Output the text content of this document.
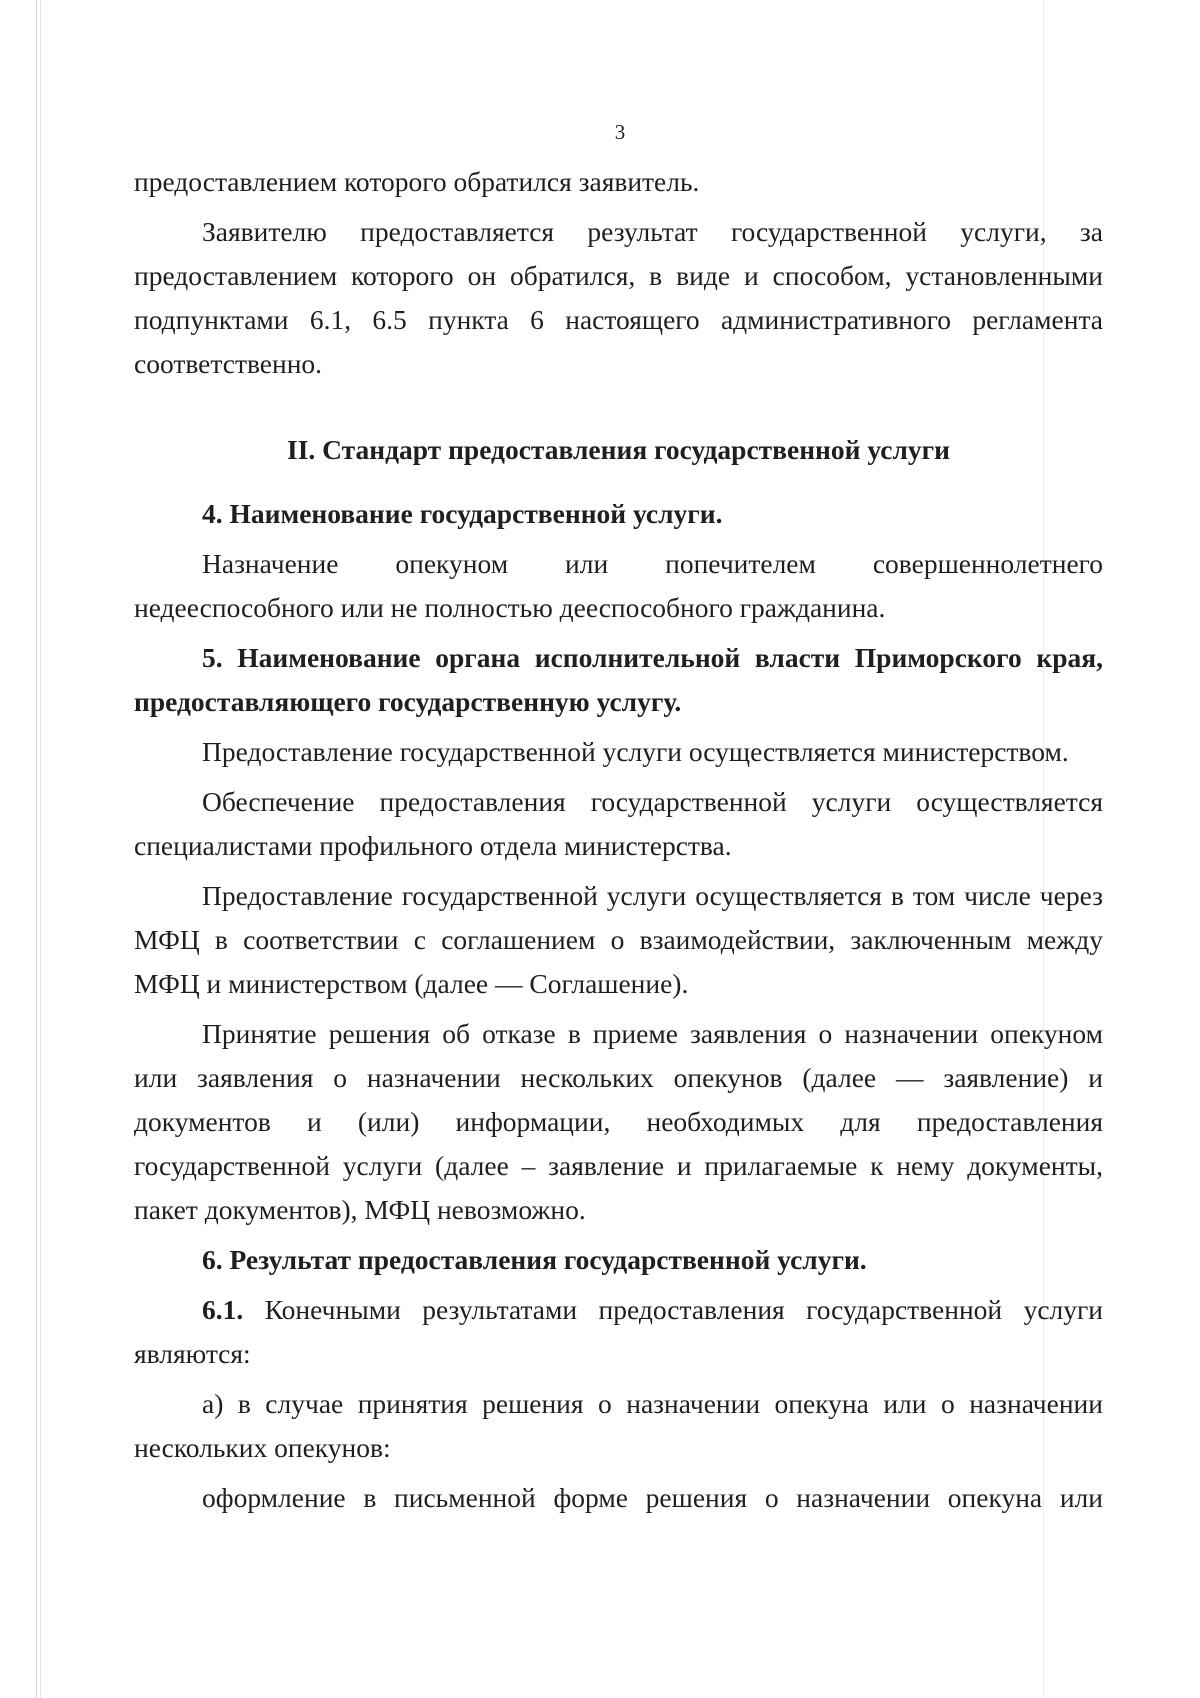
3

предоставлением которого обратился заявитель.

Заявителю предоставляется результат государственной услуги, за предоставлением которого он обратился, в виде и способом, установленными подпунктами 6.1, 6.5 пункта 6 настоящего административного регламента соответственно.

II. Стандарт предоставления государственной услуги

4. Наименование государственной услуги.

Назначение опекуном или попечителем совершеннолетнего недееспособного или не полностью дееспособного гражданина.

5. Наименование органа исполнительной власти Приморского края, предоставляющего государственную услугу.

Предоставление государственной услуги осуществляется министерством.

Обеспечение предоставления государственной услуги осуществляется специалистами профильного отдела министерства.

Предоставление государственной услуги осуществляется в том числе через МФЦ в соответствии с соглашением о взаимодействии, заключенным между МФЦ и министерством (далее — Соглашение).

Принятие решения об отказе в приеме заявления о назначении опекуном или заявления о назначении нескольких опекунов (далее — заявление) и документов и (или) информации, необходимых для предоставления государственной услуги (далее – заявление и прилагаемые к нему документы, пакет документов), МФЦ невозможно.

6. Результат предоставления государственной услуги.

6.1. Конечными результатами предоставления государственной услуги являются:

а) в случае принятия решения о назначении опекуна или о назначении нескольких опекунов:

оформление в письменной форме решения о назначении опекуна или
